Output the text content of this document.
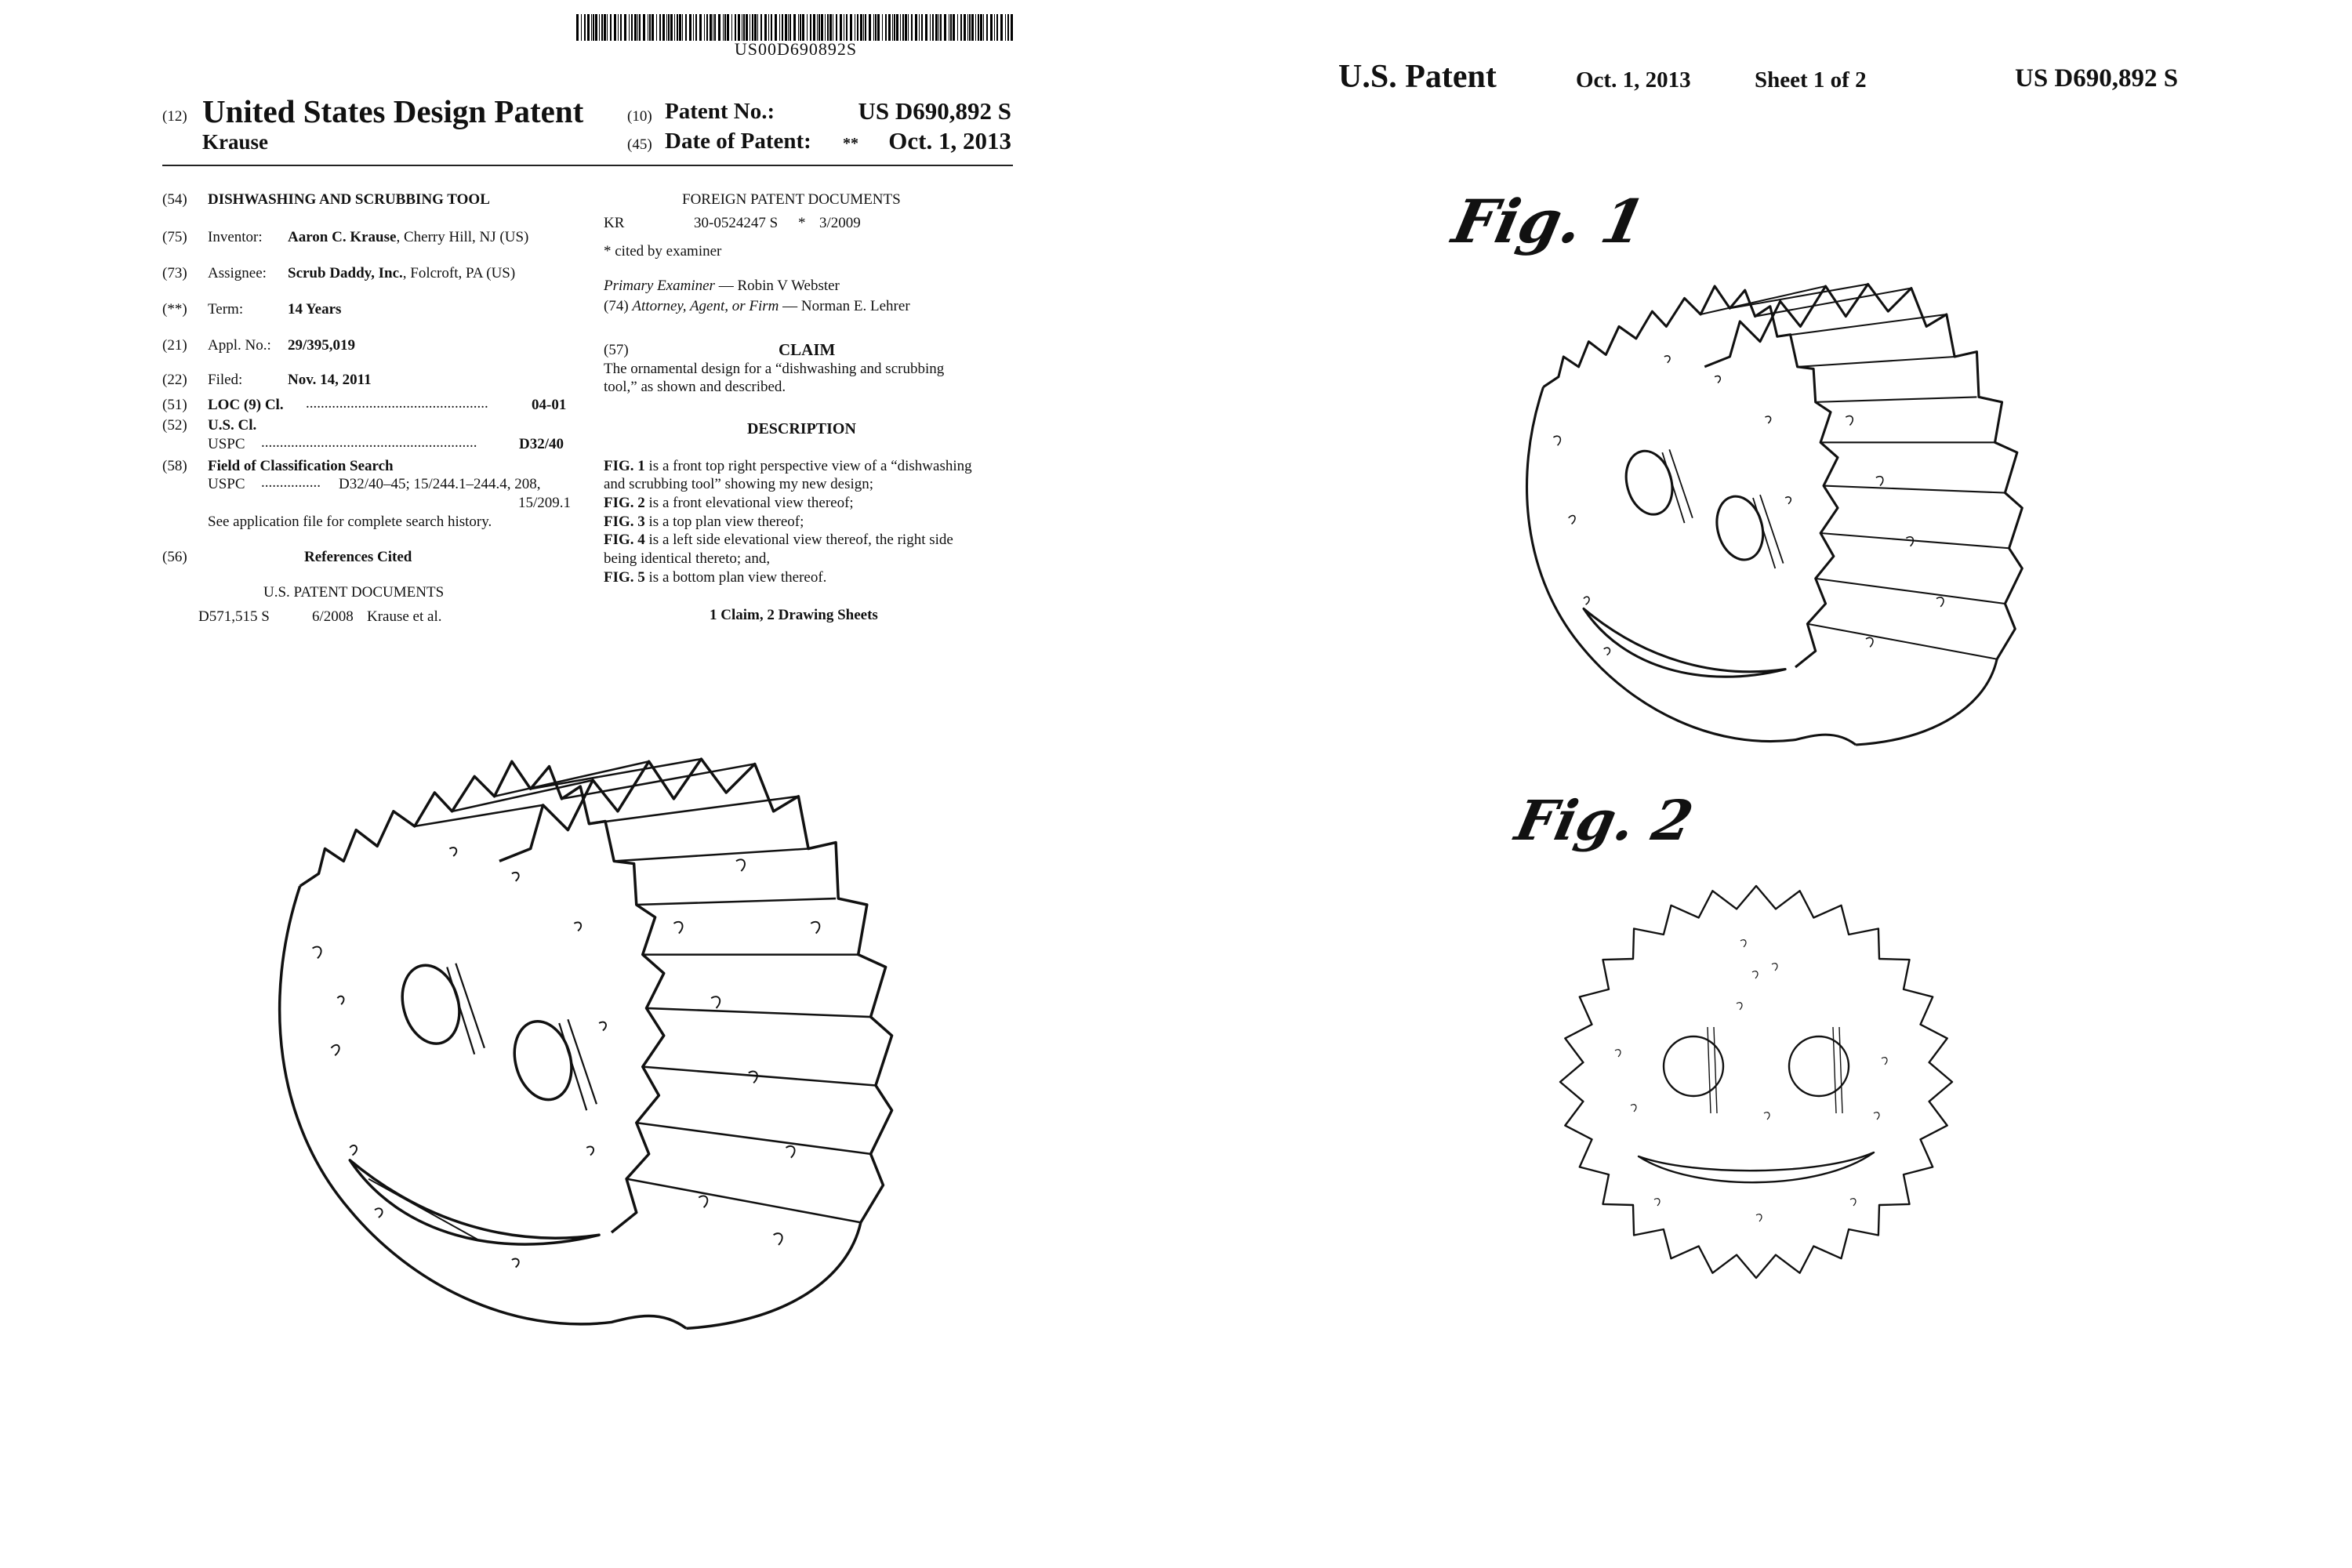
US00D690892S
(12) United States Design Patent
Krause
(10) Patent No.:	US D690,892 S
(45) Date of Patent: **	Oct. 1, 2013
(54) DISHWASHING AND SCRUBBING TOOL
(75) Inventor: Aaron C. Krause, Cherry Hill, NJ (US)
(73) Assignee: Scrub Daddy, Inc., Folcroft, PA (US)
(**) Term:	14 Years
(21) Appl. No.: 29/395,019
(22) Filed:	Nov. 14, 2011
(51) LOC (9) Cl. .................................................	04-01
(52) U.S. Cl.
USPC ..........................................................	D32/40
(58) Field of Classification Search
USPC ................ D32/40–45; 15/244.1–244.4, 208,
15/209.1
See application file for complete search history.
(56)	References Cited
U.S. PATENT DOCUMENTS
D571,515 S	6/2008 Krause et al.
FOREIGN PATENT DOCUMENTS
KR	30-0524247 S * 3/2009
* cited by examiner
Primary Examiner — Robin V Webster
(74) Attorney, Agent, or Firm — Norman E. Lehrer
(57)	CLAIM
The ornamental design for a “dishwashing and scrubbing
tool,” as shown and described.
DESCRIPTION
FIG. 1 is a front top right perspective view of a “dishwashing
and scrubbing tool” showing my new design;
FIG. 2 is a front elevational view thereof;
FIG. 3 is a top plan view thereof;
FIG. 4 is a left side elevational view thereof, the right side
being identical thereto; and,
FIG. 5 is a bottom plan view thereof.
1 Claim, 2 Drawing Sheets
U.S. Patent	Oct. 1, 2013	Sheet 1 of 2	US D690,892 S
Fig. 1
Fig. 2
